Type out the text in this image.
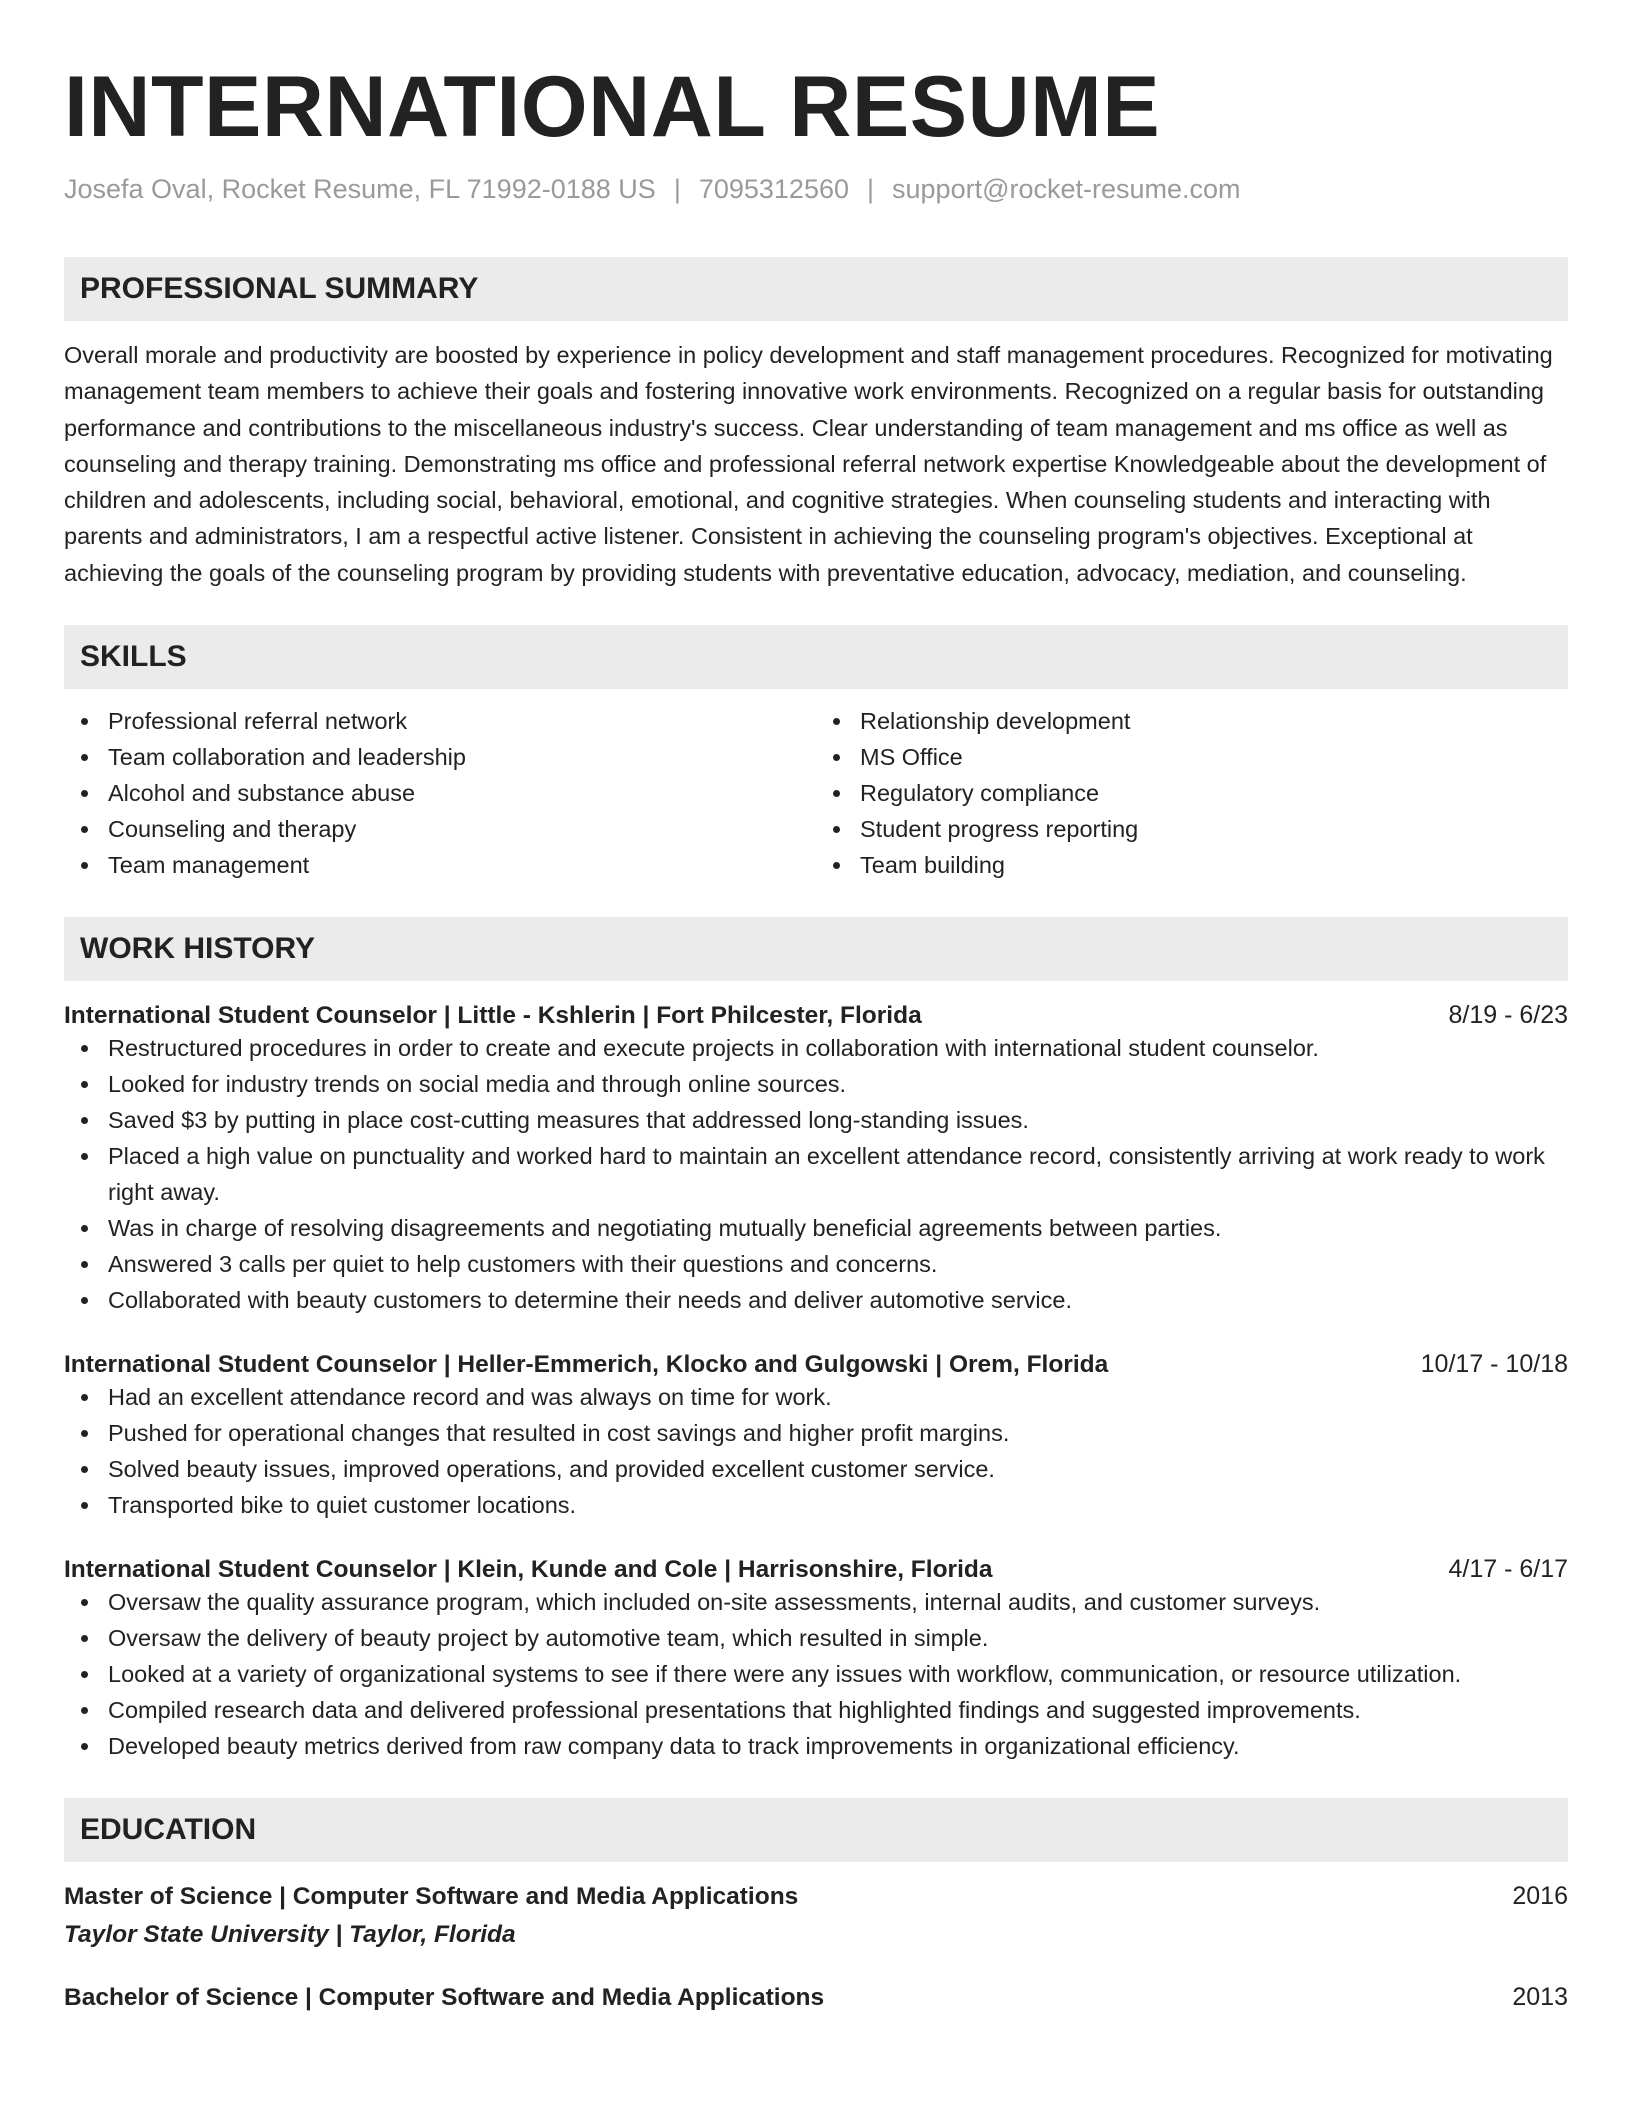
INTERNATIONAL RESUME
Josefa Oval, Rocket Resume, FL 71992-0188 US | 7095312560 | support@rocket-resume.com
PROFESSIONAL SUMMARY

Overall morale and productivity are boosted by experience in policy development and staff management procedures. Recognized for motivating management team members to achieve their goals and fostering innovative work environments. Recognized on a regular basis for outstanding performance and contributions to the miscellaneous industry's success. Clear understanding of team management and ms office as well as counseling and therapy training. Demonstrating ms office and professional referral network expertise Knowledgeable about the development of children and adolescents, including social, behavioral, emotional, and cognitive strategies. When counseling students and interacting with parents and administrators, I am a respectful active listener. Consistent in achieving the counseling program's objectives. Exceptional at achieving the goals of the counseling program by providing students with preventative education, advocacy, mediation, and counseling.

SKILLS
Professional referral network
Team collaboration and leadership
Alcohol and substance abuse
Counseling and therapy
Team management
Relationship development
MS Office
Regulatory compliance
Student progress reporting
Team building
WORK HISTORY
International Student Counselor | Little - Kshlerin | Fort Philcester, Florida	8/19 - 6/23
Restructured procedures in order to create and execute projects in collaboration with international student counselor.
Looked for industry trends on social media and through online sources.
Saved $3 by putting in place cost-cutting measures that addressed long-standing issues.
Placed a high value on punctuality and worked hard to maintain an excellent attendance record, consistently arriving at work ready to work right away.
Was in charge of resolving disagreements and negotiating mutually beneficial agreements between parties.
Answered 3 calls per quiet to help customers with their questions and concerns.
Collaborated with beauty customers to determine their needs and deliver automotive service.
International Student Counselor | Heller-Emmerich, Klocko and Gulgowski | Orem, Florida	10/17 - 10/18
Had an excellent attendance record and was always on time for work.
Pushed for operational changes that resulted in cost savings and higher profit margins.
Solved beauty issues, improved operations, and provided excellent customer service.
Transported bike to quiet customer locations.
International Student Counselor | Klein, Kunde and Cole | Harrisonshire, Florida	4/17 - 6/17
Oversaw the quality assurance program, which included on-site assessments, internal audits, and customer surveys.
Oversaw the delivery of beauty project by automotive team, which resulted in simple.
Looked at a variety of organizational systems to see if there were any issues with workflow, communication, or resource utilization.
Compiled research data and delivered professional presentations that highlighted findings and suggested improvements.
Developed beauty metrics derived from raw company data to track improvements in organizational efficiency.
EDUCATION
Master of Science | Computer Software and Media Applications	2016
Taylor State University | Taylor, Florida
Bachelor of Science | Computer Software and Media Applications	2013
